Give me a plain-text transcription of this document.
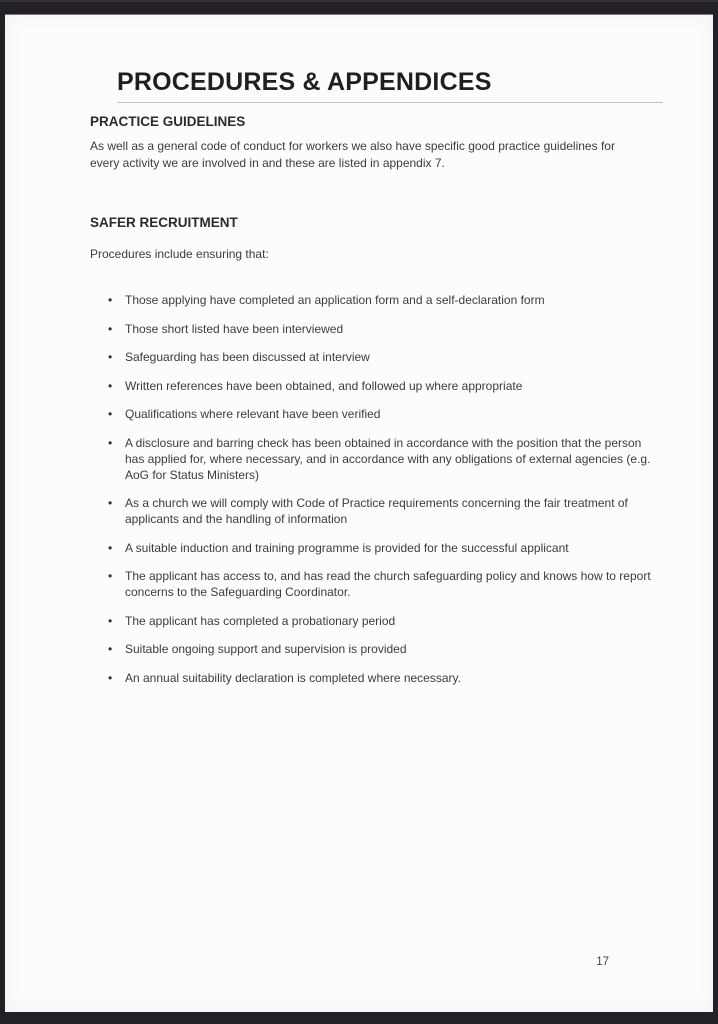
PROCEDURES & APPENDICES
PRACTICE GUIDELINES

As well as a general code of conduct for workers we also have specific good practice guidelines for every activity we are involved in and these are listed in appendix 7.

SAFER RECRUITMENT

Procedures include ensuring that:

• Those applying have completed an application form and a self-declaration form
• Those short listed have been interviewed
• Safeguarding has been discussed at interview
• Written references have been obtained, and followed up where appropriate
• Qualifications where relevant have been verified
• A disclosure and barring check has been obtained in accordance with the position that the person has applied for, where necessary, and in accordance with any obligations of external agencies (e.g. AoG for Status Ministers)
• As a church we will comply with Code of Practice requirements concerning the fair treatment of applicants and the handling of information
• A suitable induction and training programme is provided for the successful applicant
• The applicant has access to, and has read the church safeguarding policy and knows how to report concerns to the Safeguarding Coordinator.
• The applicant has completed a probationary period
• Suitable ongoing support and supervision is provided
• An annual suitability declaration is completed where necessary.
17
